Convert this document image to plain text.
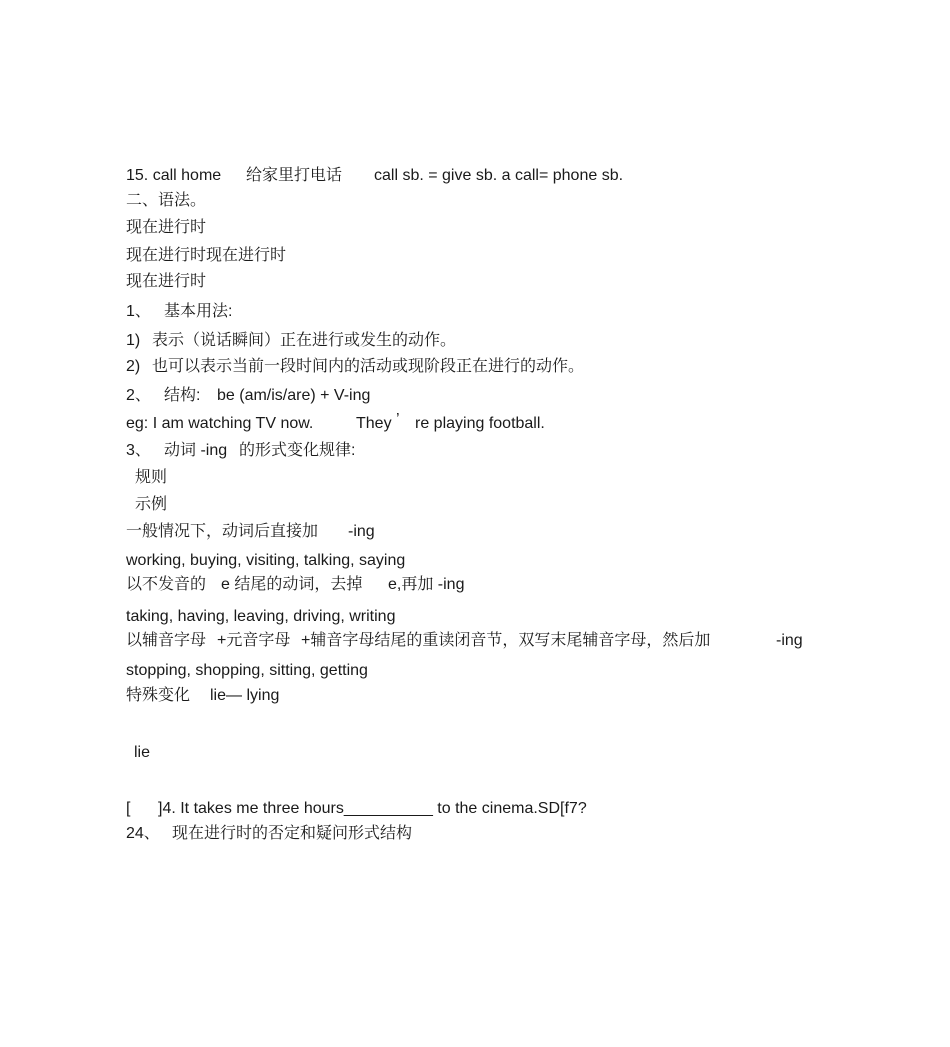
15. call home

给家里打电话

call sb. = give sb. a call= phone sb.

二、语法。
现在进行时
现在进行时现在进行时
现在进行时

1、

基本用法:

1)

表示（说话瞬间）正在进行或发生的动作。

2)

也可以表示当前一段时间内的活动或现阶段正在进行的动作。

2、

结构:

be (am/is/are) + V-ing

eg: I am watching TV now.

	They

’

re playing football.

3、

动词 -ing

的形式变化规律:

规则
示例

一般情况下，动词后直接加

-ing

working, buying, visiting, talking, saying

以不发音的

e 结尾的动词，去掉

e,再加 -ing

taking, having, leaving, driving, writing

以辅音字母

+元音字母

+辅音字母结尾的重读闭音节，双写末尾辅音字母，然后加

	-ing

stopping, shopping, sitting, getting

特殊变化

lie— lying

lie

[

]4. It takes me three hours__________ to the cinema.SD[f7?

24、

现在进行时的否定和疑问形式结构
